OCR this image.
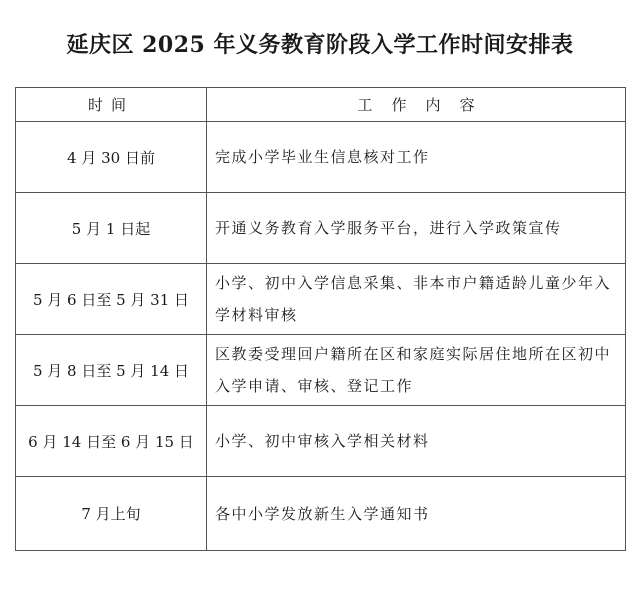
延庆区 2025 年义务教育阶段入学工作时间安排表
时间	工    作    内    容
4 月 30 日前	完成小学毕业生信息核对工作
5 月 1 日起	开通义务教育入学服务平台，进行入学政策宣传
5 月 6 日至 5 月 31 日	小学、初中入学信息采集、非本市户籍适龄儿童少年入学材料审核
5 月 8 日至 5 月 14 日	区教委受理回户籍所在区和家庭实际居住地所在区初中入学申请、审核、登记工作
6 月 14 日至 6 月 15 日	小学、初中审核入学相关材料
7 月上旬	各中小学发放新生入学通知书
